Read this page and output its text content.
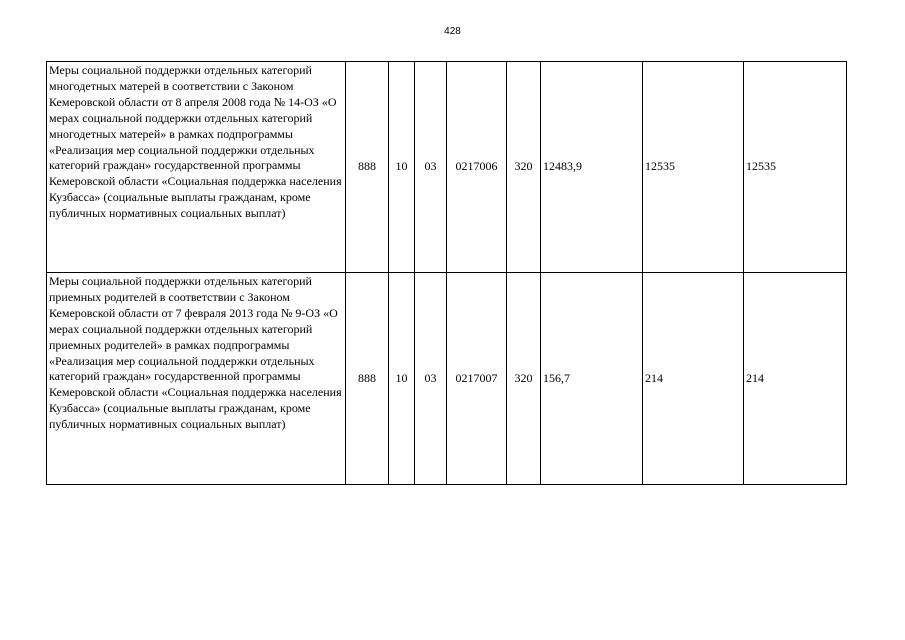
428
Меры социальной поддержки отдельных категорий многодетных матерей в соответствии с Законом Кемеровской области от 8 апреля 2008 года № 14-ОЗ «О мерах социальной поддержки отдельных категорий многодетных матерей» в рамках подпрограммы «Реализация мер социальной поддержки отдельных категорий граждан» государственной программы Кемеровской области «Социальная поддержка населения Кузбасса» (социальные выплаты гражданам, кроме публичных нормативных социальных выплат)	888	10	03	0217006	320	12483,9	12535	12535
Меры социальной поддержки отдельных категорий приемных родителей в соответствии с Законом Кемеровской области от 7 февраля 2013 года № 9-ОЗ «О мерах социальной поддержки отдельных категорий приемных родителей» в рамках подпрограммы «Реализация мер социальной поддержки отдельных категорий граждан» государственной программы Кемеровской области «Социальная поддержка населения Кузбасса» (социальные выплаты гражданам, кроме публичных нормативных социальных выплат)	888	10	03	0217007	320	156,7	214	214
